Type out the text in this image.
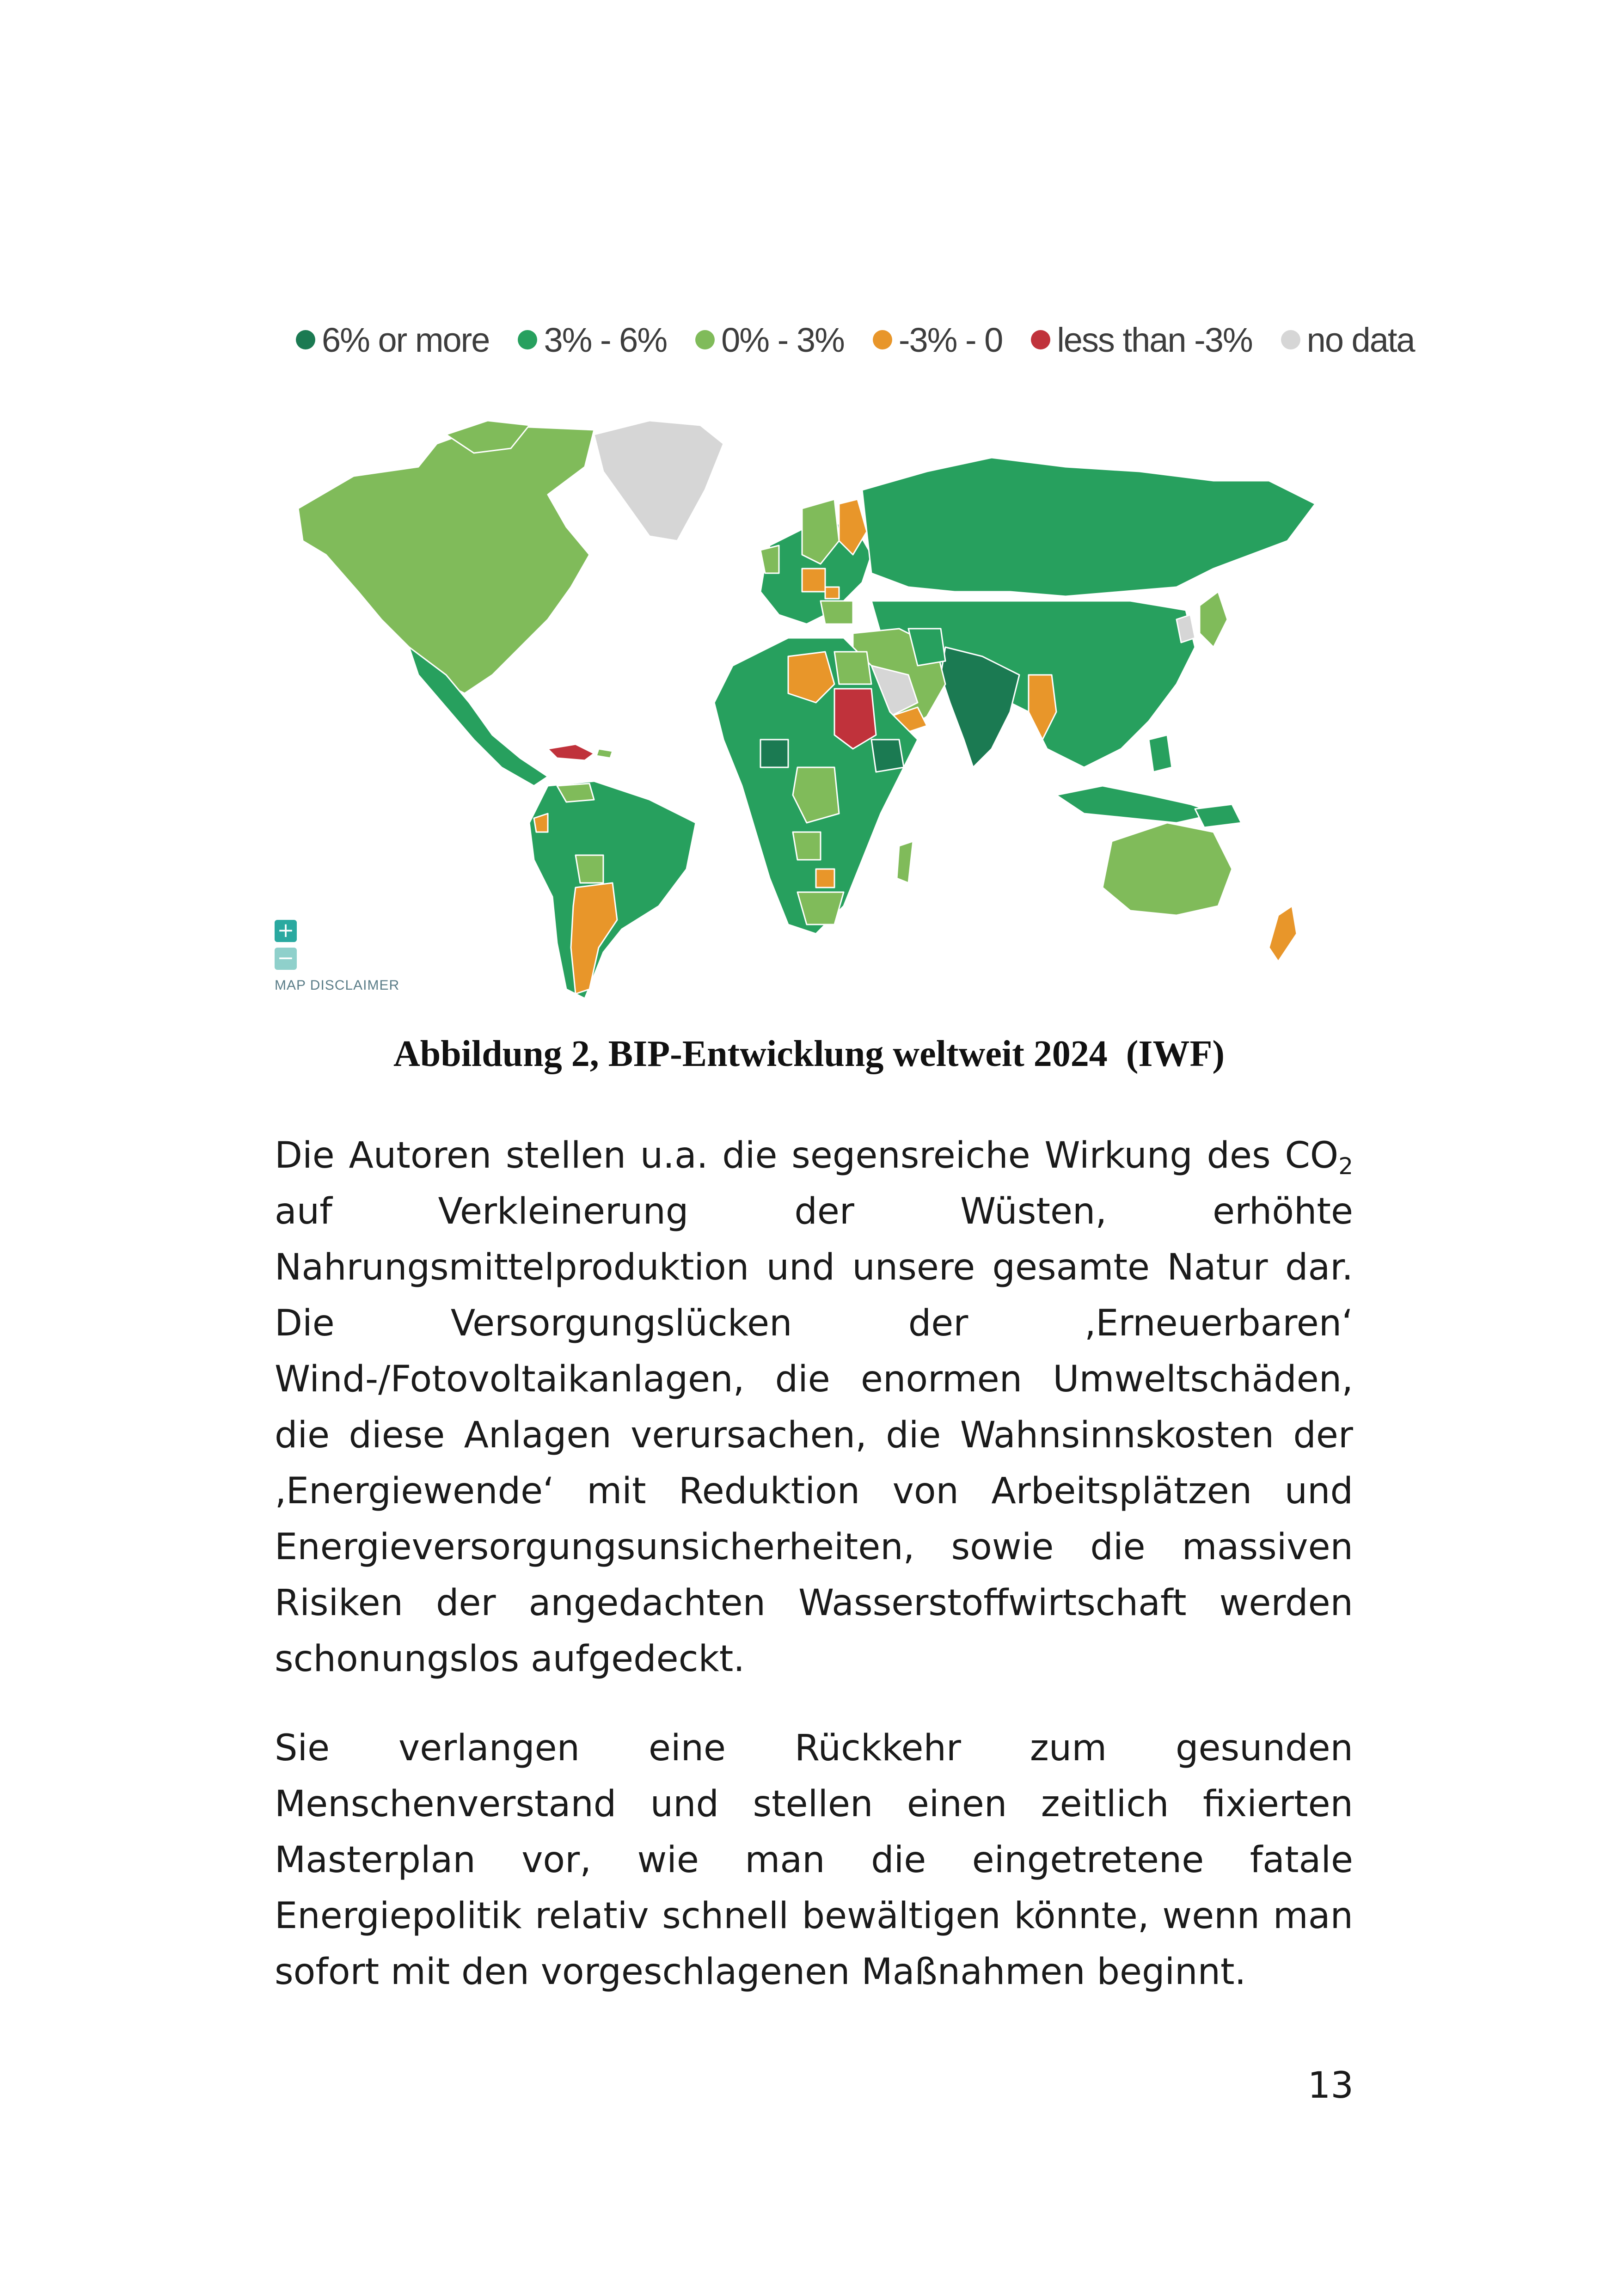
6% or more 3% - 6% 0% - 3% -3% - 0 less than -3% no data
+
−
MAP DISCLAIMER
Abbildung 2, BIP-Entwicklung weltweit 2024  (IWF)

Die Autoren stellen u.a. die segensreiche Wirkung des $CO_2$ auf Verkleinerung der Wüsten, erhöhte Nahrungsmittelproduktion und unsere gesamte Natur dar. Die Versorgungslücken der ‚Erneuerbaren‘ Wind-/Fotovoltaikanlagen, die enormen Umweltschäden, die diese Anlagen verursachen, die Wahnsinnskosten der ‚Energiewende‘ mit Reduktion von Arbeitsplätzen und Energieversorgungsunsicherheiten, sowie die massiven Risiken der angedachten Wasserstoffwirtschaft werden schonungslos aufgedeckt.

Sie verlangen eine Rückkehr zum gesunden Menschenverstand und stellen einen zeitlich fixierten Masterplan vor, wie man die eingetretene fatale Energiepolitik relativ schnell bewältigen könnte, wenn man sofort mit den vorgeschlagenen Maßnahmen beginnt.

13
